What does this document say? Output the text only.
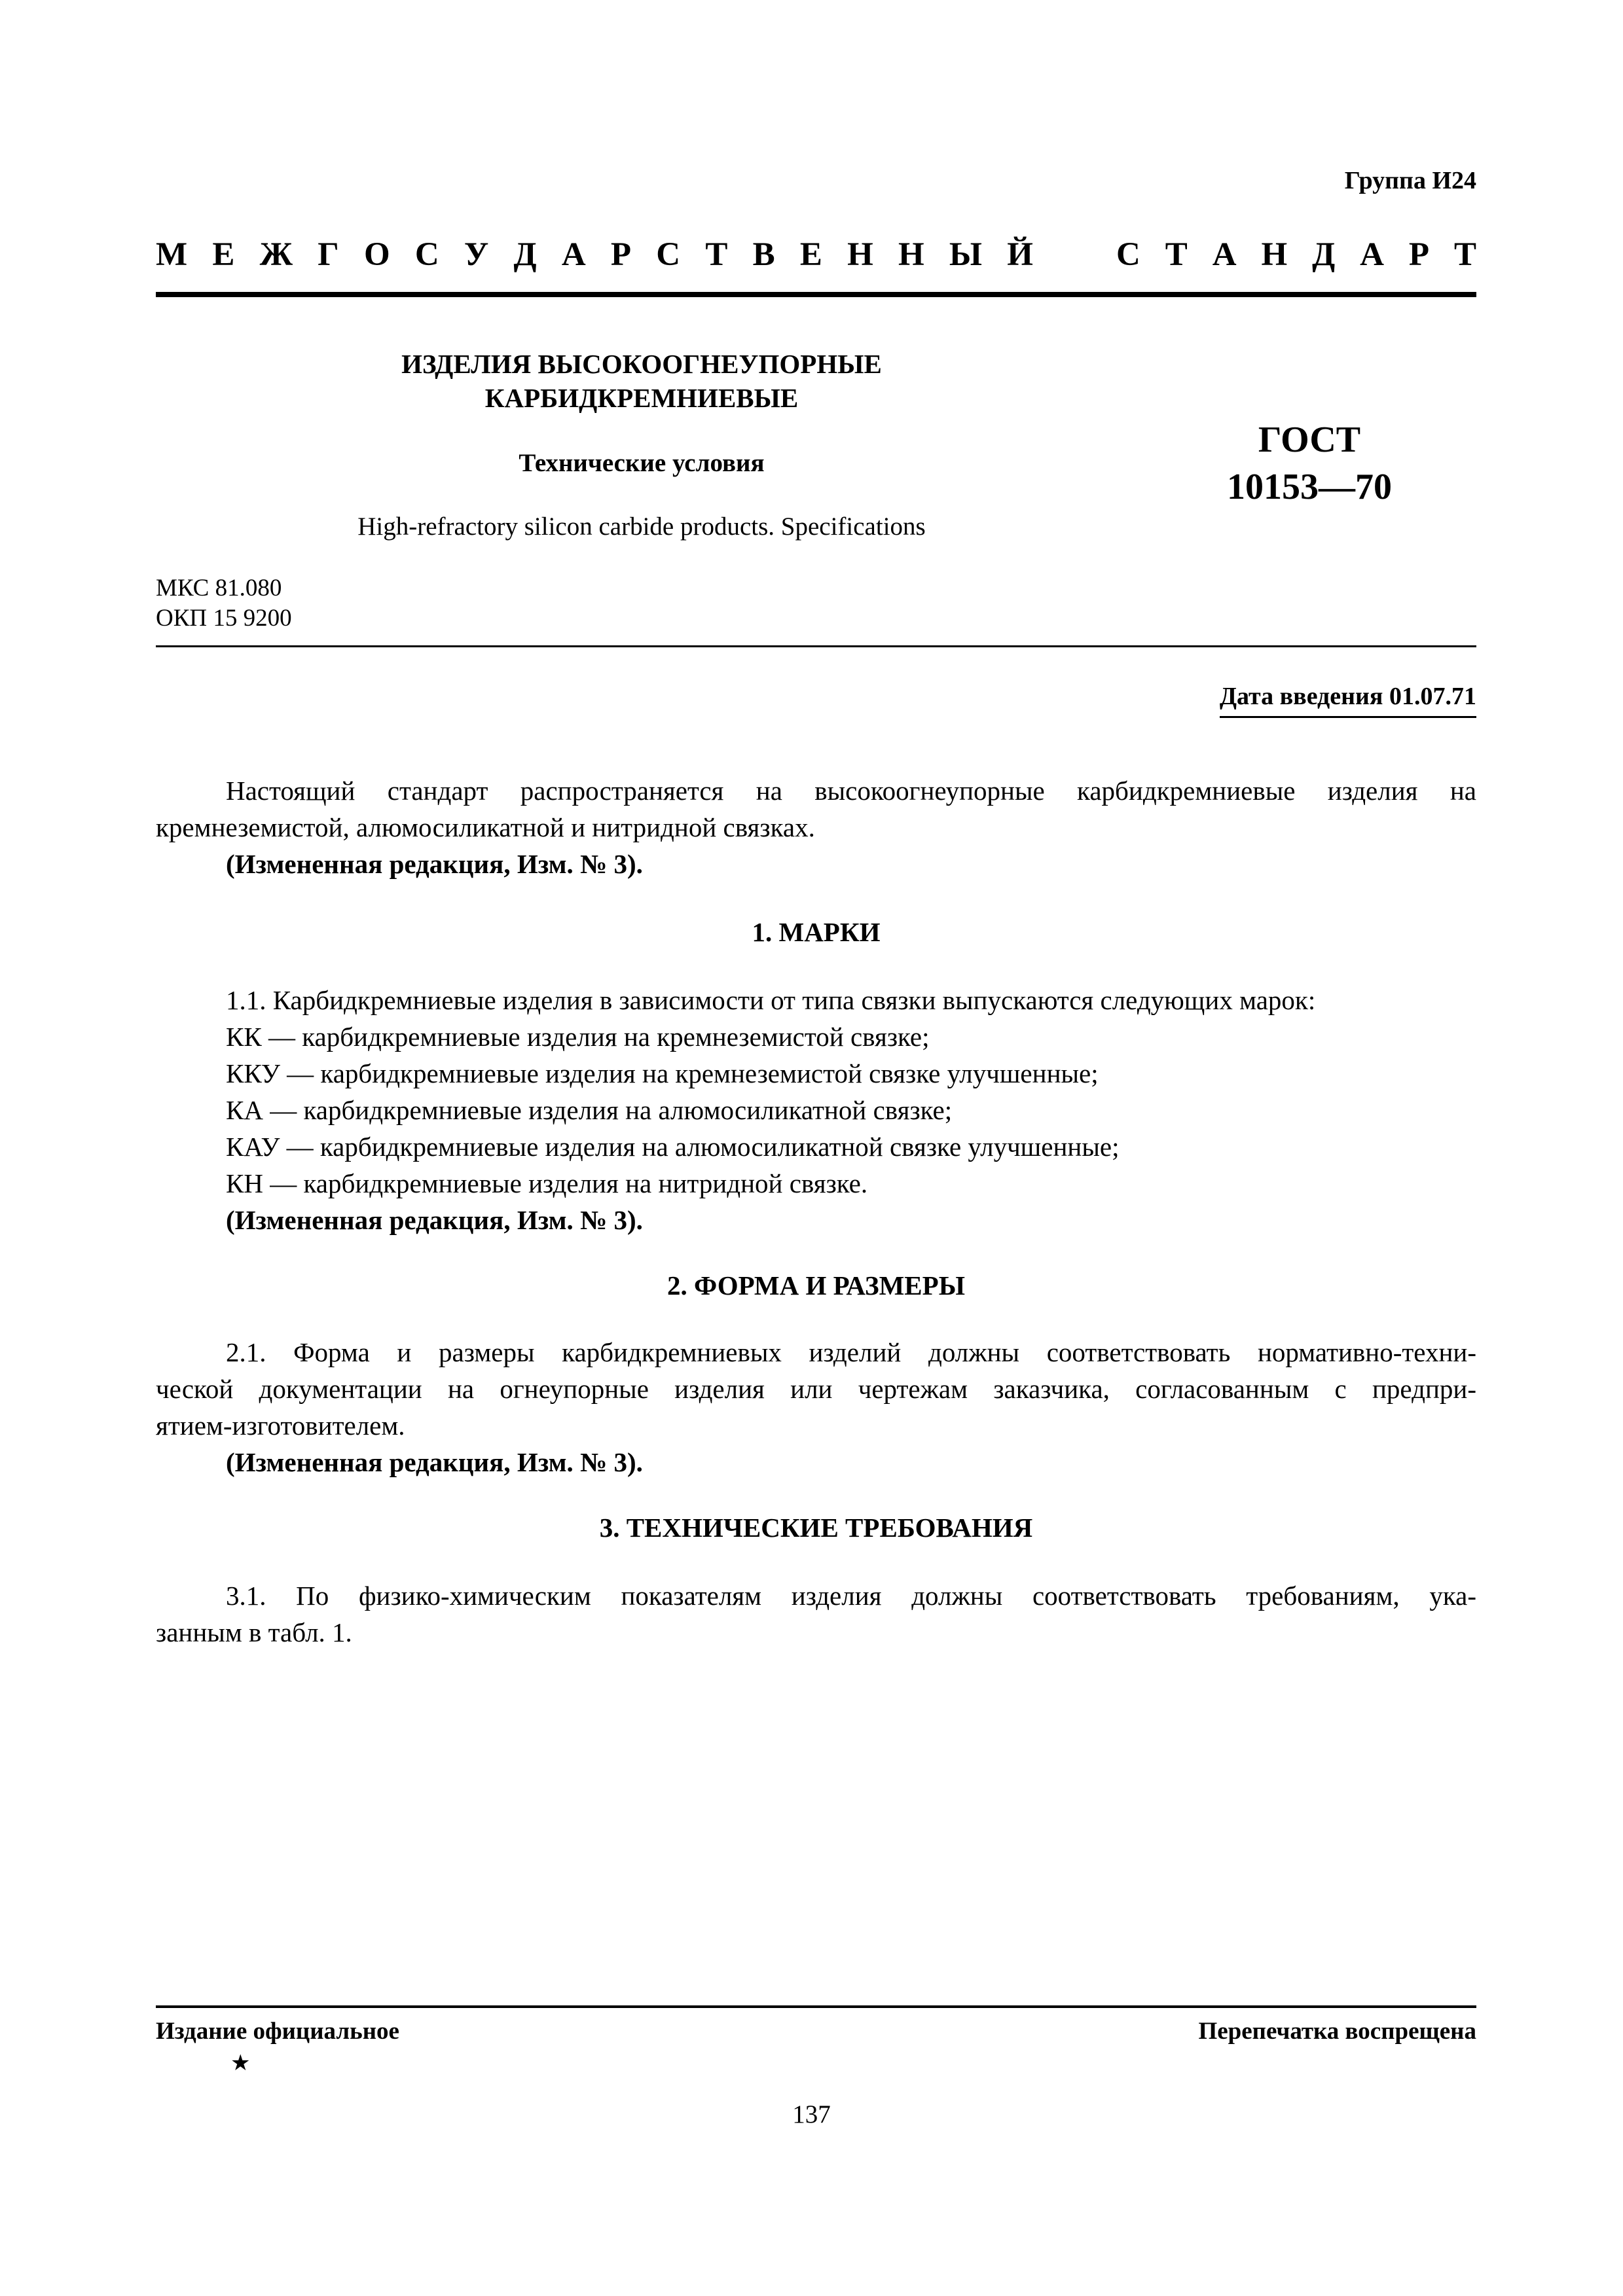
Группа И24
М Е Ж Г О С У Д А Р С Т В Е Н Н Ы Й С Т А Н Д А Р Т
ИЗДЕЛИЯ ВЫСОКООГНЕУПОРНЫЕ
КАРБИДКРЕМНИЕВЫЕ
Технические условия
High-refractory silicon carbide products. Specifications
ГОСТ
10153—70
МКС 81.080
ОКП 15 9200
Дата введения 01.07.71
Настоящий стандарт распространяется на высокоогнеупорные карбидкремниевые изделия на
кремнеземистой, алюмосиликатной и нитридной связках.
(Измененная редакция, Изм. № 3).
1. МАРКИ
1.1. Карбидкремниевые изделия в зависимости от типа связки выпускаются следующих марок:
КК — карбидкремниевые изделия на кремнеземистой связке;
ККУ — карбидкремниевые изделия на кремнеземистой связке улучшенные;
КА — карбидкремниевые изделия на алюмосиликатной связке;
КАУ — карбидкремниевые изделия на алюмосиликатной связке улучшенные;
КН — карбидкремниевые изделия на нитридной связке.
(Измененная редакция, Изм. № 3).
2. ФОРМА И РАЗМЕРЫ
2.1. Форма и размеры карбидкремниевых изделий должны соответствовать нормативно-техни-
ческой документации на огнеупорные изделия или чертежам заказчика, согласованным с предпри-
ятием-изготовителем.
(Измененная редакция, Изм. № 3).
3. ТЕХНИЧЕСКИЕ ТРЕБОВАНИЯ
3.1. По физико-химическим показателям изделия должны соответствовать требованиям, ука-
занным в табл. 1.
Издание официальное	Перепечатка воспрещена
★
137
